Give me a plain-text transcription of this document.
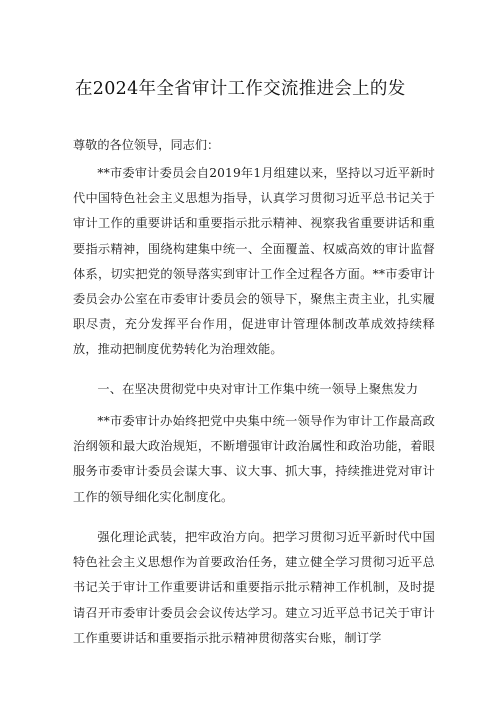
在2024年全省审计工作交流推进会上的发
尊敬的各位领导，同志们：

**市委审计委员会自2019年1月组建以来，坚持以习近平新时代中国特色社会主义思想为指导，认真学习贯彻习近平总书记关于审计工作的重要讲话和重要指示批示精神、视察我省重要讲话和重要指示精神，围绕构建集中统一、全面覆盖、权威高效的审计监督体系，切实把党的领导落实到审计工作全过程各方面。**市委审计委员会办公室在市委审计委员会的领导下，聚焦主责主业，扎实履职尽责，充分发挥平台作用，促进审计管理体制改革成效持续释放，推动把制度优势转化为治理效能。

一、在坚决贯彻党中央对审计工作集中统一领导上聚焦发力

**市委审计办始终把党中央集中统一领导作为审计工作最高政治纲领和最大政治规矩，不断增强审计政治属性和政治功能，着眼服务市委审计委员会谋大事、议大事、抓大事，持续推进党对审计工作的领导细化实化制度化。

强化理论武装，把牢政治方向。把学习贯彻习近平新时代中国特色社会主义思想作为首要政治任务，建立健全学习贯彻习近平总书记关于审计工作重要讲话和重要指示批示精神工作机制，及时提请召开市委审计委员会会议传达学习。建立习近平总书记关于审计工作重要讲话和重要指示批示精神贯彻落实台账，制订学
